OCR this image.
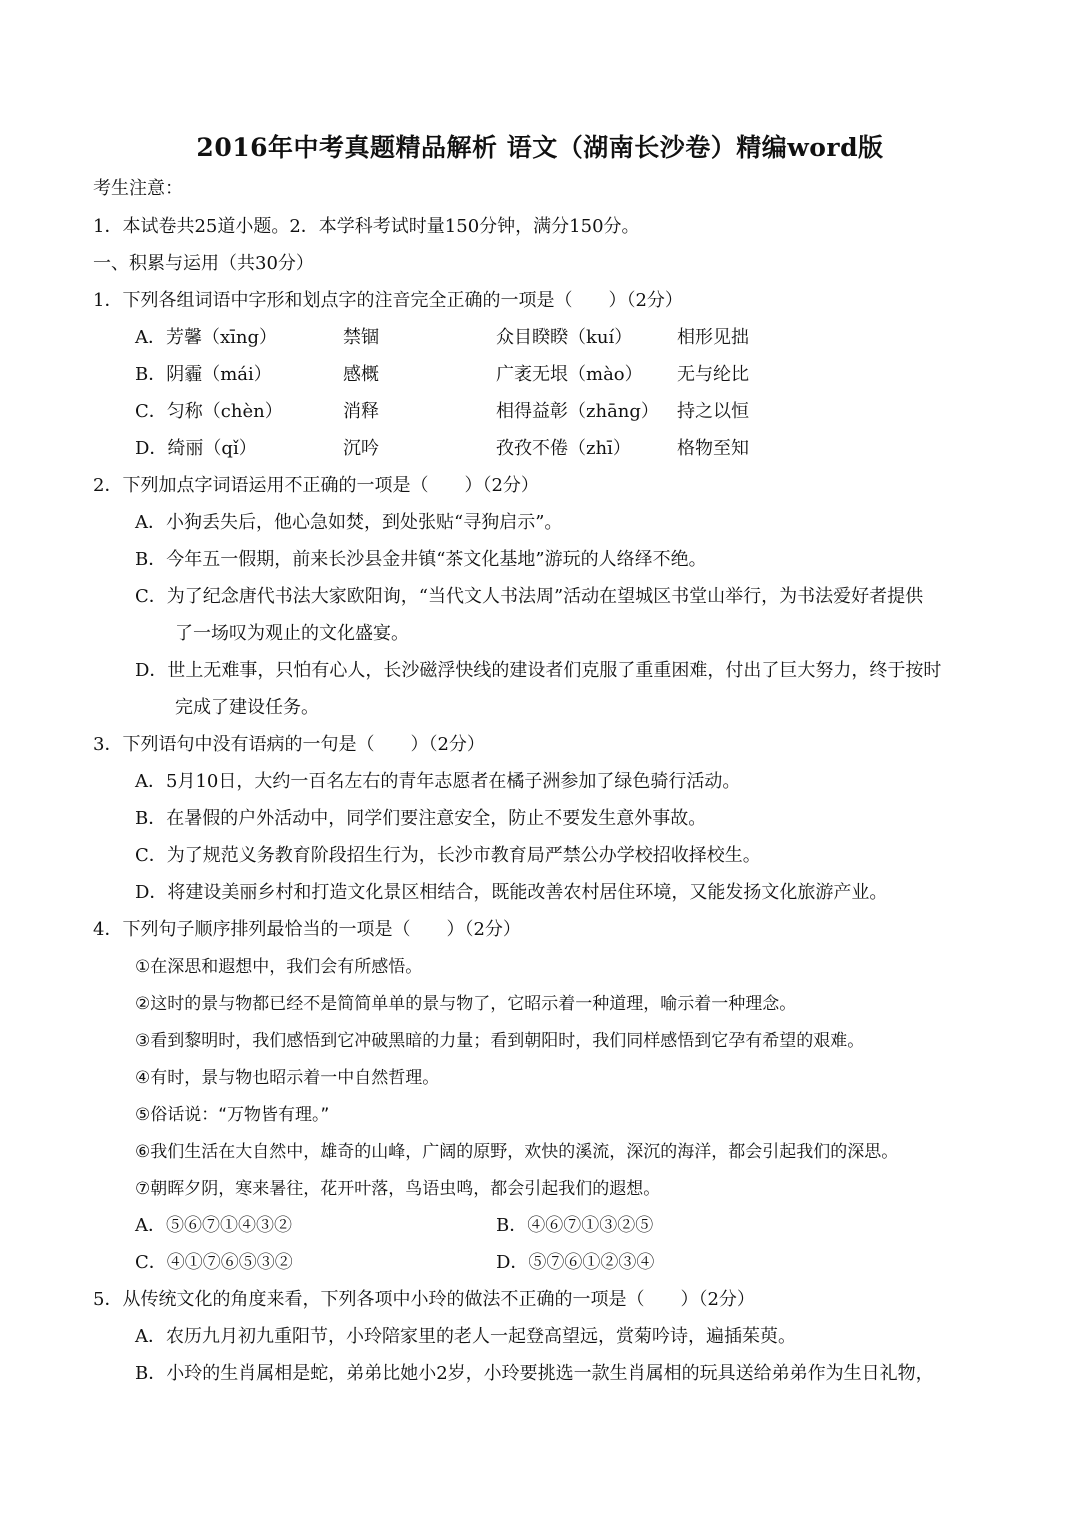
2016年中考真题精品解析 语文（湖南长沙卷）精编word版
考生注意：
1．本试卷共25道小题。2．本学科考试时量150分钟，满分150分。
一、积累与运用（共30分）
1．下列各组词语中字形和划点字的注音完全正确的一项是（　　）（2分）
A．芳馨（xīng）	禁锢	众目睽睽（kuí） 相形见拙
B．阴霾（mái）	感概	广袤无垠（mào） 无与纶比
C．匀称（chèn）	消释	相得益彰（zhāng） 持之以恒
D．绮丽（qǐ）	沉吟	孜孜不倦（zhī）	格物至知
2．下列加点字词语运用不正确的一项是（　　）（2分）
A．小狗丢失后，他心急如焚，到处张贴“寻狗启示”。
B．今年五一假期，前来长沙县金井镇“茶文化基地”游玩的人络绎不绝。
C．为了纪念唐代书法大家欧阳询，“当代文人书法周”活动在望城区书堂山举行，为书法爱好者提供
了一场叹为观止的文化盛宴。
D．世上无难事，只怕有心人，长沙磁浮快线的建设者们克服了重重困难，付出了巨大努力，终于按时
完成了建设任务。
3．下列语句中没有语病的一句是（　　）（2分）
A．5月10日，大约一百名左右的青年志愿者在橘子洲参加了绿色骑行活动。
B．在暑假的户外活动中，同学们要注意安全，防止不要发生意外事故。
C．为了规范义务教育阶段招生行为，长沙市教育局严禁公办学校招收择校生。
D．将建设美丽乡村和打造文化景区相结合，既能改善农村居住环境，又能发扬文化旅游产业。
4．下列句子顺序排列最恰当的一项是（　　）（2分）
①在深思和遐想中，我们会有所感悟。
②这时的景与物都已经不是简简单单的景与物了，它昭示着一种道理，喻示着一种理念。
③看到黎明时，我们感悟到它冲破黑暗的力量；看到朝阳时，我们同样感悟到它孕有希望的艰难。
④有时，景与物也昭示着一中自然哲理。
⑤俗话说：“万物皆有理。”
⑥我们生活在大自然中，雄奇的山峰，广阔的原野，欢快的溪流，深沉的海洋，都会引起我们的深思。
⑦朝晖夕阴，寒来暑往，花开叶落，鸟语虫鸣，都会引起我们的遐想。
A．⑤⑥⑦①④③②	B．④⑥⑦①③②⑤
C．④①⑦⑥⑤③②	D．⑤⑦⑥①②③④
5．从传统文化的角度来看，下列各项中小玲的做法不正确的一项是（　　）（2分）
A．农历九月初九重阳节，小玲陪家里的老人一起登高望远，赏菊吟诗，遍插茱萸。
B．小玲的生肖属相是蛇，弟弟比她小2岁，小玲要挑选一款生肖属相的玩具送给弟弟作为生日礼物，
